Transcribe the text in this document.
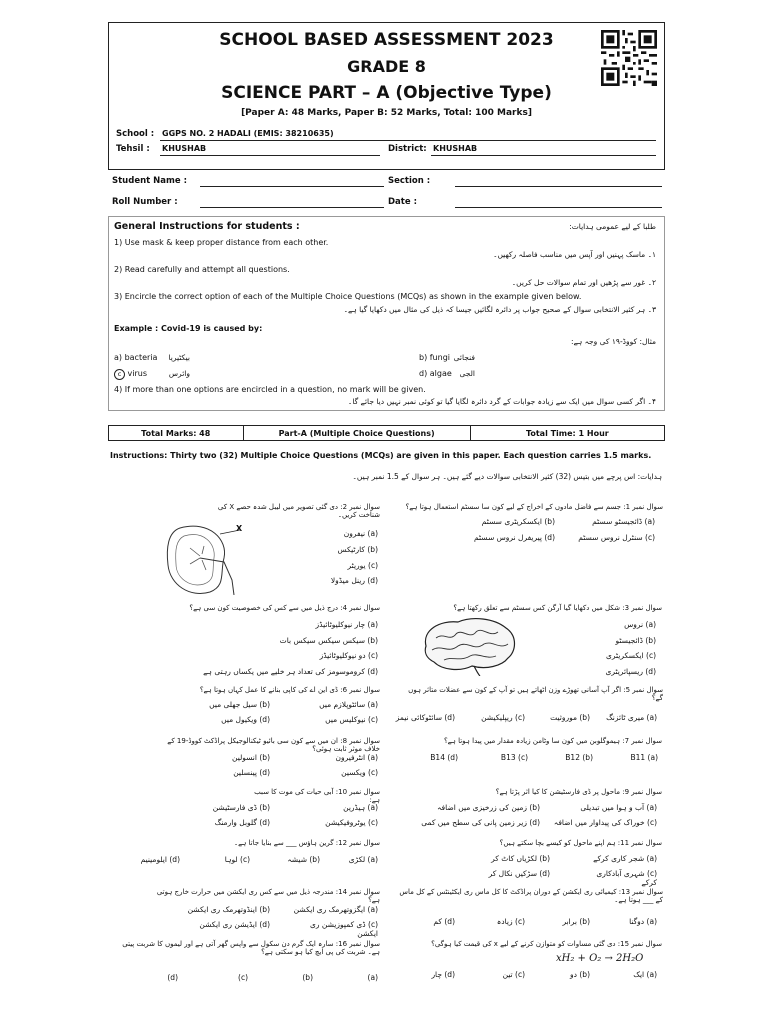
SCHOOL BASED ASSESSMENT 2023
GRADE 8
SCIENCE PART – A (Objective Type)
[Paper A: 48 Marks, Paper B: 52 Marks, Total: 100 Marks]
School : GGPS NO. 2 HADALI (EMIS: 38210635)
Tehsil : KHUSHAB	District: KHUSHAB
Student Name :	Section :
Roll Number :	Date :
General Instructions for students :	طلبا کے لیے عمومی ہدایات:
1) Use mask & keep proper distance from each other.
۱۔ ماسک پہنیں اور آپس میں مناسب فاصلہ رکھیں۔
2) Read carefully and attempt all questions.
۲۔ غور سے پڑھیں اور تمام سوالات حل کریں۔
3) Encircle the correct option of each of the Multiple Choice Questions (MCQs) as shown in the example given below.
۳۔ ہر کثیر الانتخابی سوال کے صحیح جواب پر دائرہ لگائیں جیسا کہ ذیل کی مثال میں دکھایا گیا ہے۔
Example : Covid-19 is caused by:
مثال: کووڈ-۱۹ کی وجہ ہے:
a) bacteria	بیکٹیریا	b) fungi فنجائی
c virus	وائرس	d) algae	الجی
4) If more than one options are encircled in a question, no mark will be given.
۴۔ اگر کسی سوال میں ایک سے زیادہ جوابات کے گرد دائرہ لگایا گیا تو کوئی نمبر نہیں دیا جائے گا۔
Total Marks: 48	Part-A (Multiple Choice Questions)	Total Time: 1 Hour
Instructions: Thirty two (32) Multiple Choice Questions (MCQs) are given in this paper. Each question carries 1.5 marks.
ہدایات: اس پرچے میں بتیس (32) کثیر الانتخابی سوالات دیے گئے ہیں۔ ہر سوال کے 1.5 نمبر ہیں۔
سوال نمبر 1: جسم سے فاضل مادوں کے اخراج کے لیے کون سا سسٹم استعمال ہوتا ہے؟
(a) ڈائجیسٹو سسٹم
(b) ایکسکریٹری سسٹم
(c) سنٹرل نروس سسٹم
(d) پیریفرل نروس سسٹم
سوال نمبر 2: دی گئی تصویر میں لیبل شدہ حصے X کی شناخت کریں۔
X
(a) نیفرون
(b) کارٹیکس
(c) یوریٹر
(d) رینل میڈولا
سوال نمبر 3: شکل میں دکھایا گیا آرگن کس سسٹم سے تعلق رکھتا ہے؟
(a) نروس
(b) ڈائجیسٹو
(c) ایکسکریٹری
(d) ریسپائریٹری
سوال نمبر 4: درج ذیل میں سے کس کی خصوصیت کون سی ہے؟
(a) چار نیوکلیوٹائیڈز
(b) سیکس سیکس سیکس بات
(c) دو نیوکلیوٹائیڈز
(d) کروموسومز کی تعداد ہر خلیے میں یکساں رہتی ہے
سوال نمبر 5: اگر آپ آسانی تھوڑے وزن اٹھاتے ہیں تو آپ کے کون سے عضلات متاثر ہوں گے؟
(a) میری ٹائزنگ
(b) موروثیت
(c) ریپلیکیشن
(d) سائٹوکائی نیمز
سوال نمبر 6: ڈی این اے کی کاپی بنانے کا عمل کہاں ہوتا ہے؟
(a) سائٹوپلازم میں
(b) سیل جھلی میں
(c) نیوکلیس میں
(d) ویکیول میں
سوال نمبر 7: ہیموگلوبن میں کون سا وٹامن زیادہ مقدار میں پیدا ہوتا ہے؟
(a) B11
(b) B12
(c) B13
(d) B14
سوال نمبر 8: ان میں سے کون سی بائیو ٹیکنالوجیکل پراڈکٹ کووڈ-19 کے خلاف موثر ثابت ہوئی؟
(a) انٹرفیرون
(b) انسولین
(c) ویکسین
(d) پینسلین
سوال نمبر 9: ماحول پر ڈی فارسٹیشن کا کیا اثر پڑتا ہے؟
(a) آب و ہوا میں تبدیلی
(b) زمین کی زرخیزی میں اضافہ
(c) خوراک کی پیداوار میں اضافہ
(d) زیر زمین پانی کی سطح میں کمی
سوال نمبر 10: آبی حیات کی موت کا سبب ہے:
(a) ہیڈرین
(b) ڈی فارسٹیشن
(c) یوٹروفیکیشن
(d) گلوبل وارمنگ
سوال نمبر 11: ہم اپنے ماحول کو کیسے بچا سکتے ہیں؟
(a) شجر کاری کرکے
(b) لکڑیاں کاٹ کر
(c) شہری آبادکاری کرکے
(d) سڑکیں نکال کر
سوال نمبر 12: گرین ہاؤس ___ سے بنایا جاتا ہے۔
(a) لکڑی
(b) شیشہ
(c) لوہا
(d) ایلومینیم
سوال نمبر 13: کیمیائی ری ایکشن کے دوران پراڈکٹ کا کل ماس ری ایکٹینٹس کے کل ماس کے ___ ہوتا ہے۔
(a) دوگنا
(b) برابر
(c) زیادہ
(d) کم
سوال نمبر 14: مندرجہ ذیل میں سے کس ری ایکشن میں حرارت خارج ہوتی ہے؟
(a) ایگزوتھرمک ری ایکشن
(b) اینڈوتھرمک ری ایکشن
(c) ڈی کمپوزیشن ری ایکشن
(d) ایڈیشن ری ایکشن
سوال نمبر 15: دی گئی مساوات کو متوازن کرنے کے لیے x کی قیمت کیا ہوگی؟
xH₂ + O₂ → 2H₂O
(a) ایک
(b) دو
(c) تین
(d) چار
سوال نمبر 16: سارہ ایک گرم دن سکول سے واپس گھر آتی ہے اور لیموں کا شربت پیتی ہے۔ شربت کی پی ایچ کیا ہو سکتی ہے؟
(a)
(b)
(c)
(d)
